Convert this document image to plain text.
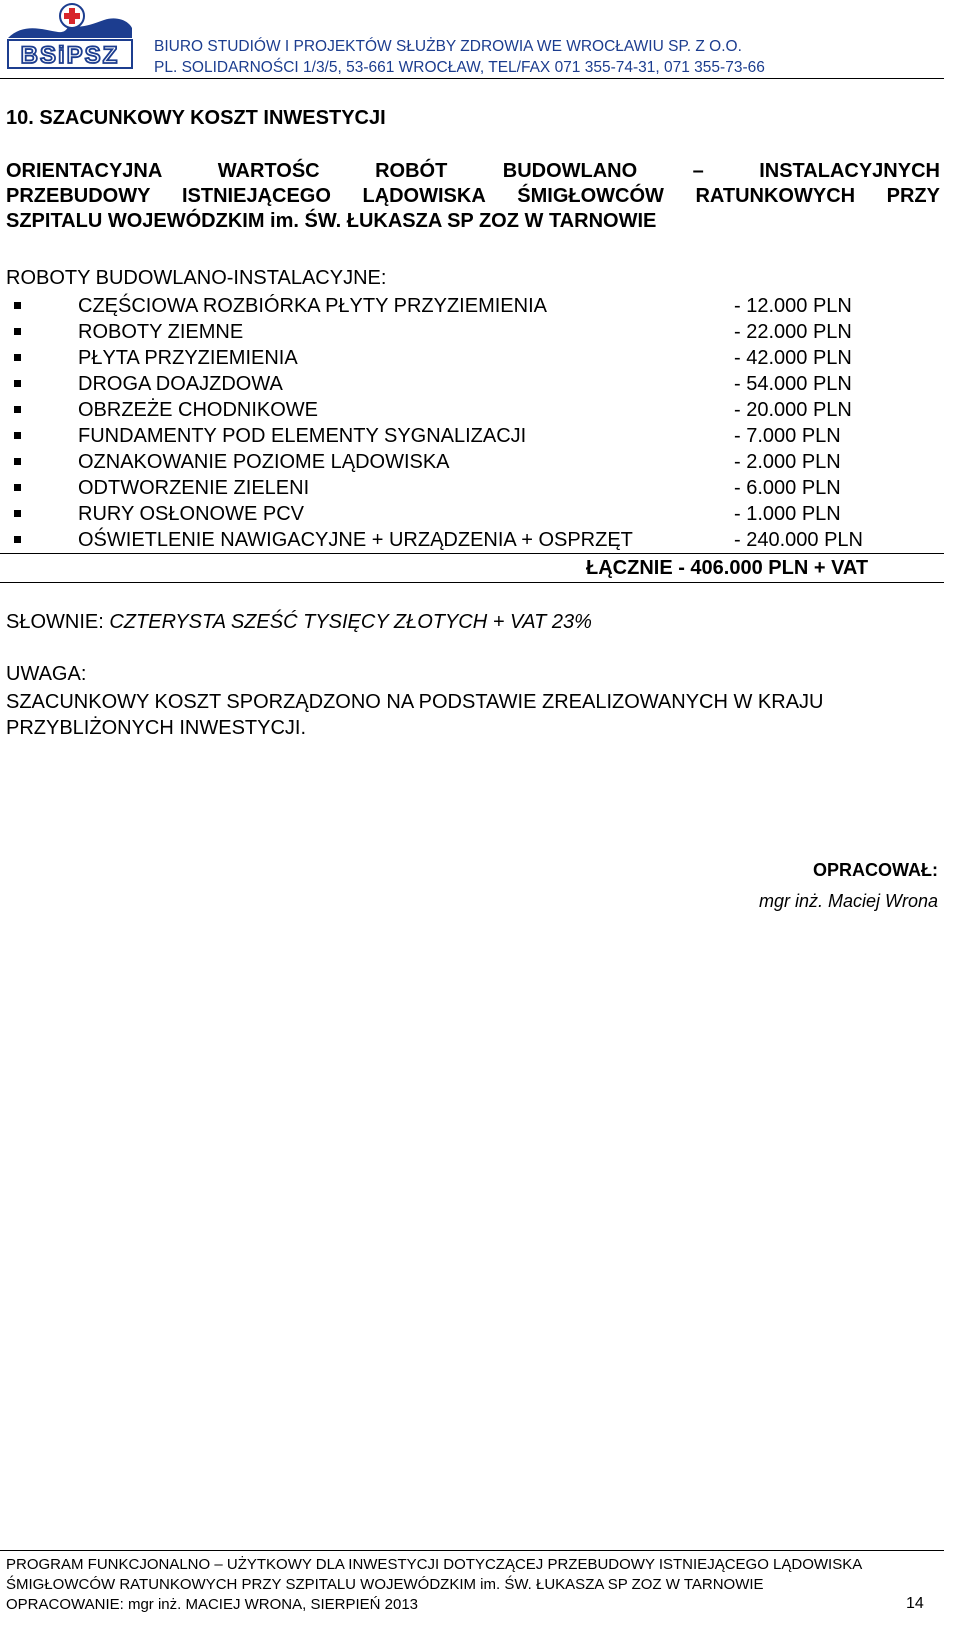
BSiPSZ BIURO STUDIÓW I PROJEKTÓW SŁUŻBY ZDROWIA WE WROCŁAWIU SP. Z O.O.
PL. SOLIDARNOŚCI 1/3/5, 53-661 WROCŁAW, TEL/FAX 071 355-74-31, 071 355-73-66
10. SZACUNKOWY KOSZT INWESTYCJI
ORIENTACYJNA	WARTOŚC	ROBÓT	BUDOWLANO	–	INSTALACYJNYCH
PRZEBUDOWY ISTNIEJĄCEGO LĄDOWISKA ŚMIGŁOWCÓW RATUNKOWYCH PRZY
SZPITALU WOJEWÓDZKIM im. ŚW. ŁUKASZA SP ZOZ W TARNOWIE
ROBOTY BUDOWLANO-INSTALACYJNE:
CZĘŚCIOWA ROZBIÓRKA PŁYTY PRZYZIEMIENIA	- 12.000 PLN
ROBOTY ZIEMNE	- 22.000 PLN
PŁYTA PRZYZIEMIENIA	- 42.000 PLN
DROGA DOAJZDOWA	- 54.000 PLN
OBRZEŻE CHODNIKOWE	- 20.000 PLN
FUNDAMENTY POD ELEMENTY SYGNALIZACJI	- 7.000 PLN
OZNAKOWANIE POZIOME LĄDOWISKA	- 2.000 PLN
ODTWORZENIE ZIELENI	- 6.000 PLN
RURY OSŁONOWE PCV	- 1.000 PLN
OŚWIETLENIE NAWIGACYJNE + URZĄDZENIA + OSPRZĘT	- 240.000 PLN
ŁĄCZNIE - 406.000 PLN + VAT
SŁOWNIE: CZTERYSTA SZEŚĆ TYSIĘCY ZŁOTYCH + VAT 23%
UWAGA:
SZACUNKOWY KOSZT SPORZĄDZONO NA PODSTAWIE ZREALIZOWANYCH W KRAJU PRZYBLIŻONYCH INWESTYCJI.
OPRACOWAŁ:
mgr inż. Maciej Wrona
PROGRAM FUNKCJONALNO – UŻYTKOWY DLA INWESTYCJI DOTYCZĄCEJ PRZEBUDOWY ISTNIEJĄCEGO LĄDOWISKA
ŚMIGŁOWCÓW RATUNKOWYCH PRZY SZPITALU WOJEWÓDZKIM im. ŚW. ŁUKASZA SP ZOZ W TARNOWIE
OPRACOWANIE: mgr inż. MACIEJ WRONA, SIERPIEŃ 2013	14
